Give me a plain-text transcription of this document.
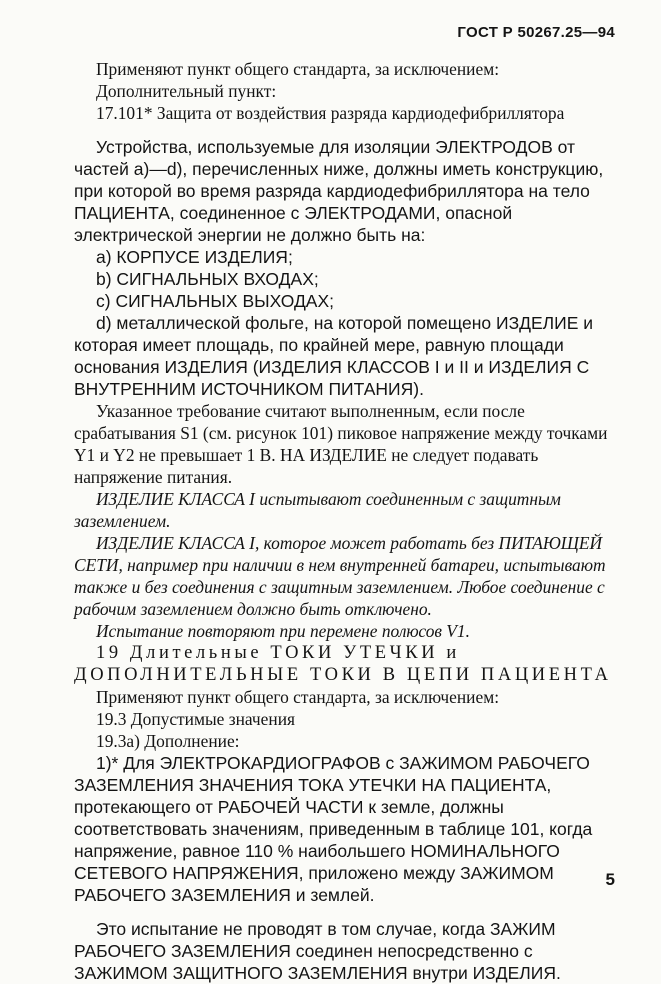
ГОСТ Р 50267.25—94

Применяют пункт общего стандарта, за исключением:

Дополнительный пункт:

17.101* Защита от воздействия разряда кардиодефибриллятора

Устройства, используемые для изоляции ЭЛЕКТРОДОВ от частей а)—d), перечисленных ниже, должны иметь конструкцию, при которой во время разряда кардиодефибриллятора на тело ПАЦИЕНТА, соединенное с ЭЛЕКТРОДАМИ, опасной электрической энергии не должно быть на:

а) КОРПУСЕ ИЗДЕЛИЯ;

b) СИГНАЛЬНЫХ ВХОДАХ;

с) СИГНАЛЬНЫХ ВЫХОДАХ;

d) металлической фольге, на которой помещено ИЗДЕЛИЕ и которая имеет площадь, по крайней мере, равную площади основания ИЗДЕЛИЯ (ИЗДЕЛИЯ КЛАССОВ I и II и ИЗДЕЛИЯ С ВНУТРЕННИМ ИСТОЧНИКОМ ПИТАНИЯ).

Указанное требование считают выполненным, если после срабатывания S1 (см. рисунок 101) пиковое напряжение между точками Y1 и Y2 не превышает 1 В. НА ИЗДЕЛИЕ не следует подавать напряжение питания.

ИЗДЕЛИЕ КЛАССА I испытывают соединенным с защитным заземлением.

ИЗДЕЛИЕ КЛАССА I, которое может работать без ПИТАЮЩЕЙ СЕТИ, например при наличии в нем внутренней батареи, испытывают также и без соединения с защитным заземлением. Любое соединение с рабочим заземлением должно быть отключено.

Испытание повторяют при перемене полюсов V1.

19 Длительные ТОКИ УТЕЧКИ и ДОПОЛНИТЕЛЬНЫЕ ТОКИ В ЦЕПИ ПАЦИЕНТА

Применяют пункт общего стандарта, за исключением:

19.3 Допустимые значения

19.3а) Дополнение:

1)* Для ЭЛЕКТРОКАРДИОГРАФОВ с ЗАЖИМОМ РАБОЧЕГО ЗАЗЕМЛЕНИЯ ЗНАЧЕНИЯ ТОКА УТЕЧКИ НА ПАЦИЕНТА, протекающего от РАБОЧЕЙ ЧАСТИ к земле, должны соответствовать значениям, приведенным в таблице 101, когда напряжение, равное 110 % наибольшего НОМИНАЛЬНОГО СЕТЕВОГО НАПРЯЖЕНИЯ, приложено между ЗАЖИМОМ РАБОЧЕГО ЗАЗЕМЛЕНИЯ и землей.

Это испытание не проводят в том случае, когда ЗАЖИМ РАБОЧЕГО ЗАЗЕМЛЕНИЯ соединен непосредственно с ЗАЖИМОМ ЗАЩИТНОГО ЗАЗЕМЛЕНИЯ внутри ИЗДЕЛИЯ.

5
